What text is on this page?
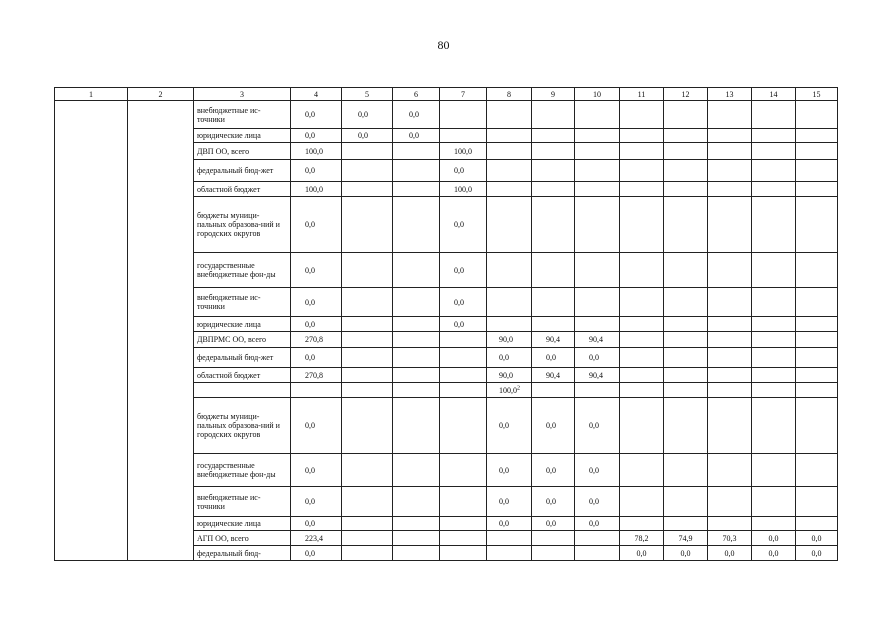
80
1	2	3	4	5	6	7	8	9	10	11	12	13	14	15
		внебюджетные ис-точники	0,0	0,0	0,0									
		юридические лица	0,0	0,0	0,0									
		ДВП ОО, всего	100,0			100,0								
		федеральный бюд-жет	0,0			0,0								
		областной бюджет	100,0			100,0								
		бюджеты муници-пальных образова-ний и городских округов	0,0			0,0								
		государственные внебюджетные фон-ды	0,0			0,0								
		внебюджетные ис-точники	0,0			0,0								
		юридические лица	0,0			0,0								
		ДВПРМС ОО, всего	270,8				90,0	90,4	90,4					
		федеральный бюд-жет	0,0				0,0	0,0	0,0					
		областной бюджет	270,8				90,0	90,4	90,4					
							100,0$^2$							
		бюджеты муници-пальных образова-ний и городских округов	0,0				0,0	0,0	0,0					
		государственные внебюджетные фон-ды	0,0				0,0	0,0	0,0					
		внебюджетные ис-точники	0,0				0,0	0,0	0,0					
		юридические лица	0,0				0,0	0,0	0,0					
		АГП ОО, всего	223,4							78,2	74,9	70,3	0,0	0,0
		федеральный бюд-	0,0							0,0	0,0	0,0	0,0	0,0
